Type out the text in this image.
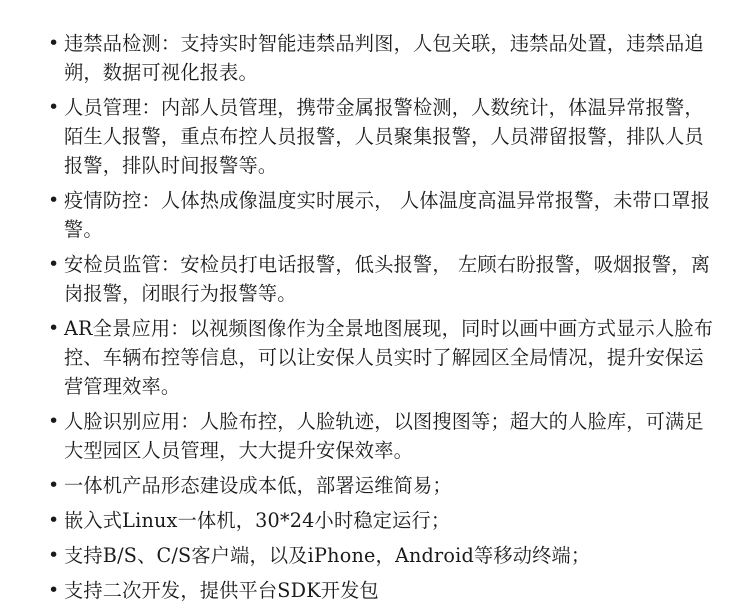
• 违禁品检测：支持实时智能违禁品判图，人包关联，违禁品处置，违禁品追朔，数据可视化报表。
• 人员管理：内部人员管理，携带金属报警检测，人数统计，体温异常报警，陌生人报警，重点布控人员报警，人员聚集报警，人员滞留报警，排队人员报警，排队时间报警等。
• 疫情防控：人体热成像温度实时展示， 人体温度高温异常报警，未带口罩报警。
• 安检员监管：安检员打电话报警，低头报警， 左顾右盼报警，吸烟报警，离岗报警，闭眼行为报警等。
• AR全景应用：以视频图像作为全景地图展现，同时以画中画方式显示人脸布控、车辆布控等信息，可以让安保人员实时了解园区全局情况，提升安保运营管理效率。
• 人脸识别应用：人脸布控，人脸轨迹，以图搜图等；超大的人脸库，可满足大型园区人员管理，大大提升安保效率。
• 一体机产品形态建设成本低，部署运维简易；
• 嵌入式Linux一体机，30*24小时稳定运行；
• 支持B/S、C/S客户端，以及iPhone，Android等移动终端；
• 支持二次开发，提供平台SDK开发包
